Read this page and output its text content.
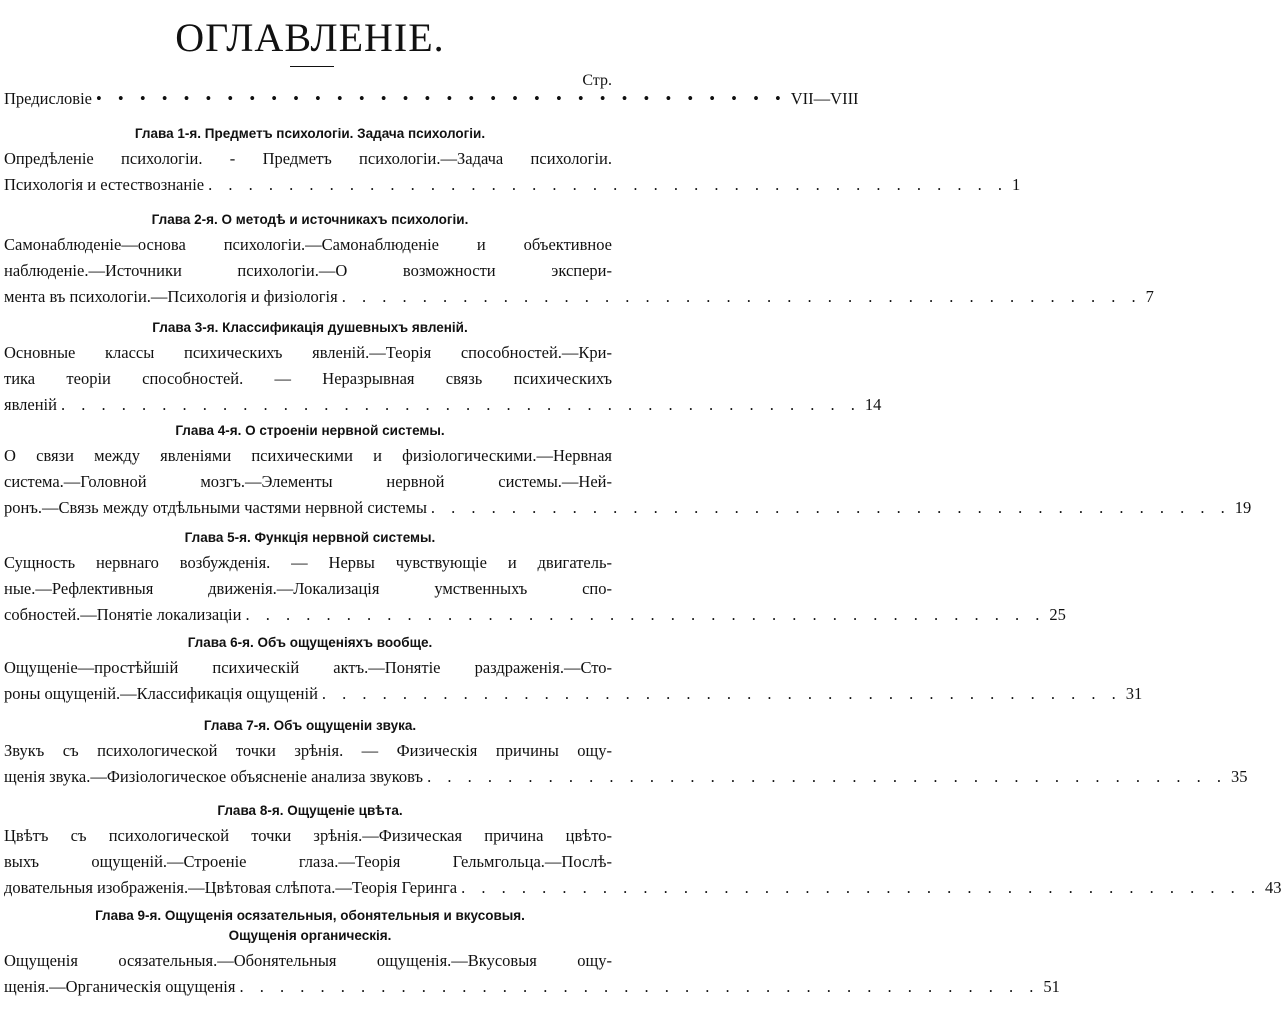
ОГЛАВЛЕНІЕ.
Стр.
Предисловіе • • • • • • • • • • • • • • • • • • • • • • • • • • • • • • • • VII—VIII
Глава 1-я. Предметъ психологіи. Задача психологіи.
Опредѣленіе психологіи. - Предметъ психологіи.—Задача психологіи.
Психологія и естествознаніе . . . . . . . . . . . . . . . . . . . . . . . . . . . . . . . . . . . . . . . . 1
Глава 2-я. О методѣ и источникахъ психологіи.
Самонаблюденіе—основа психологіи.—Самонаблюденіе и объективное
наблюденіе.—Источники психологіи.—О возможности экспери-
мента въ психологіи.—Психологія и физіологія . . . . . . . . . . . . . . . . . . . . . . . . . . . . . . . . . . . . . . . . 7
Глава 3-я. Классификація душевныхъ явленій.
Основные классы психическихъ явленій.—Теорія способностей.—Кри-
тика теоріи способностей. — Неразрывная связь психическихъ
явленій . . . . . . . . . . . . . . . . . . . . . . . . . . . . . . . . . . . . . . . . 14
Глава 4-я. О строеніи нервной системы.
О связи между явленіями психическими и физіологическими.—Нервная
система.—Головной мозгъ.—Элементы нервной системы.—Ней-
ронъ.—Связь между отдѣльными частями нервной системы . . . . . . . . . . . . . . . . . . . . . . . . . . . . . . . . . . . . . . . . 19
Глава 5-я. Функція нервной системы.
Сущность нервнаго возбужденія. — Нервы чувствующіе и двигатель-
ные.—Рефлективныя движенія.—Локализація умственныхъ спо-
собностей.—Понятіе локализаціи . . . . . . . . . . . . . . . . . . . . . . . . . . . . . . . . . . . . . . . . 25
Глава 6-я. Объ ощущеніяхъ вообще.
Ощущеніе—простѣйшій психическій актъ.—Понятіе раздраженія.—Сто-
роны ощущеній.—Классификація ощущеній . . . . . . . . . . . . . . . . . . . . . . . . . . . . . . . . . . . . . . . . 31
Глава 7-я. Объ ощущеніи звука.
Звукъ съ психологической точки зрѣнія. — Физическія причины ощу-
щенія звука.—Физіологическое объясненіе анализа звуковъ . . . . . . . . . . . . . . . . . . . . . . . . . . . . . . . . . . . . . . . . 35
Глава 8-я. Ощущеніе цвѣта.
Цвѣтъ съ психологической точки зрѣнія.—Физическая причина цвѣто-
выхъ ощущеній.—Строеніе глаза.—Теорія Гельмгольца.—Послѣ-
довательныя изображенія.—Цвѣтовая слѣпота.—Теорія Геринга . . . . . . . . . . . . . . . . . . . . . . . . . . . . . . . . . . . . . . . . 43
Глава 9-я. Ощущенія осязательныя, обонятельныя и вкусовыя.
Ощущенія органическія.
Ощущенія осязательныя.—Обонятельныя ощущенія.—Вкусовыя ощу-
щенія.—Органическія ощущенія . . . . . . . . . . . . . . . . . . . . . . . . . . . . . . . . . . . . . . . . 51
